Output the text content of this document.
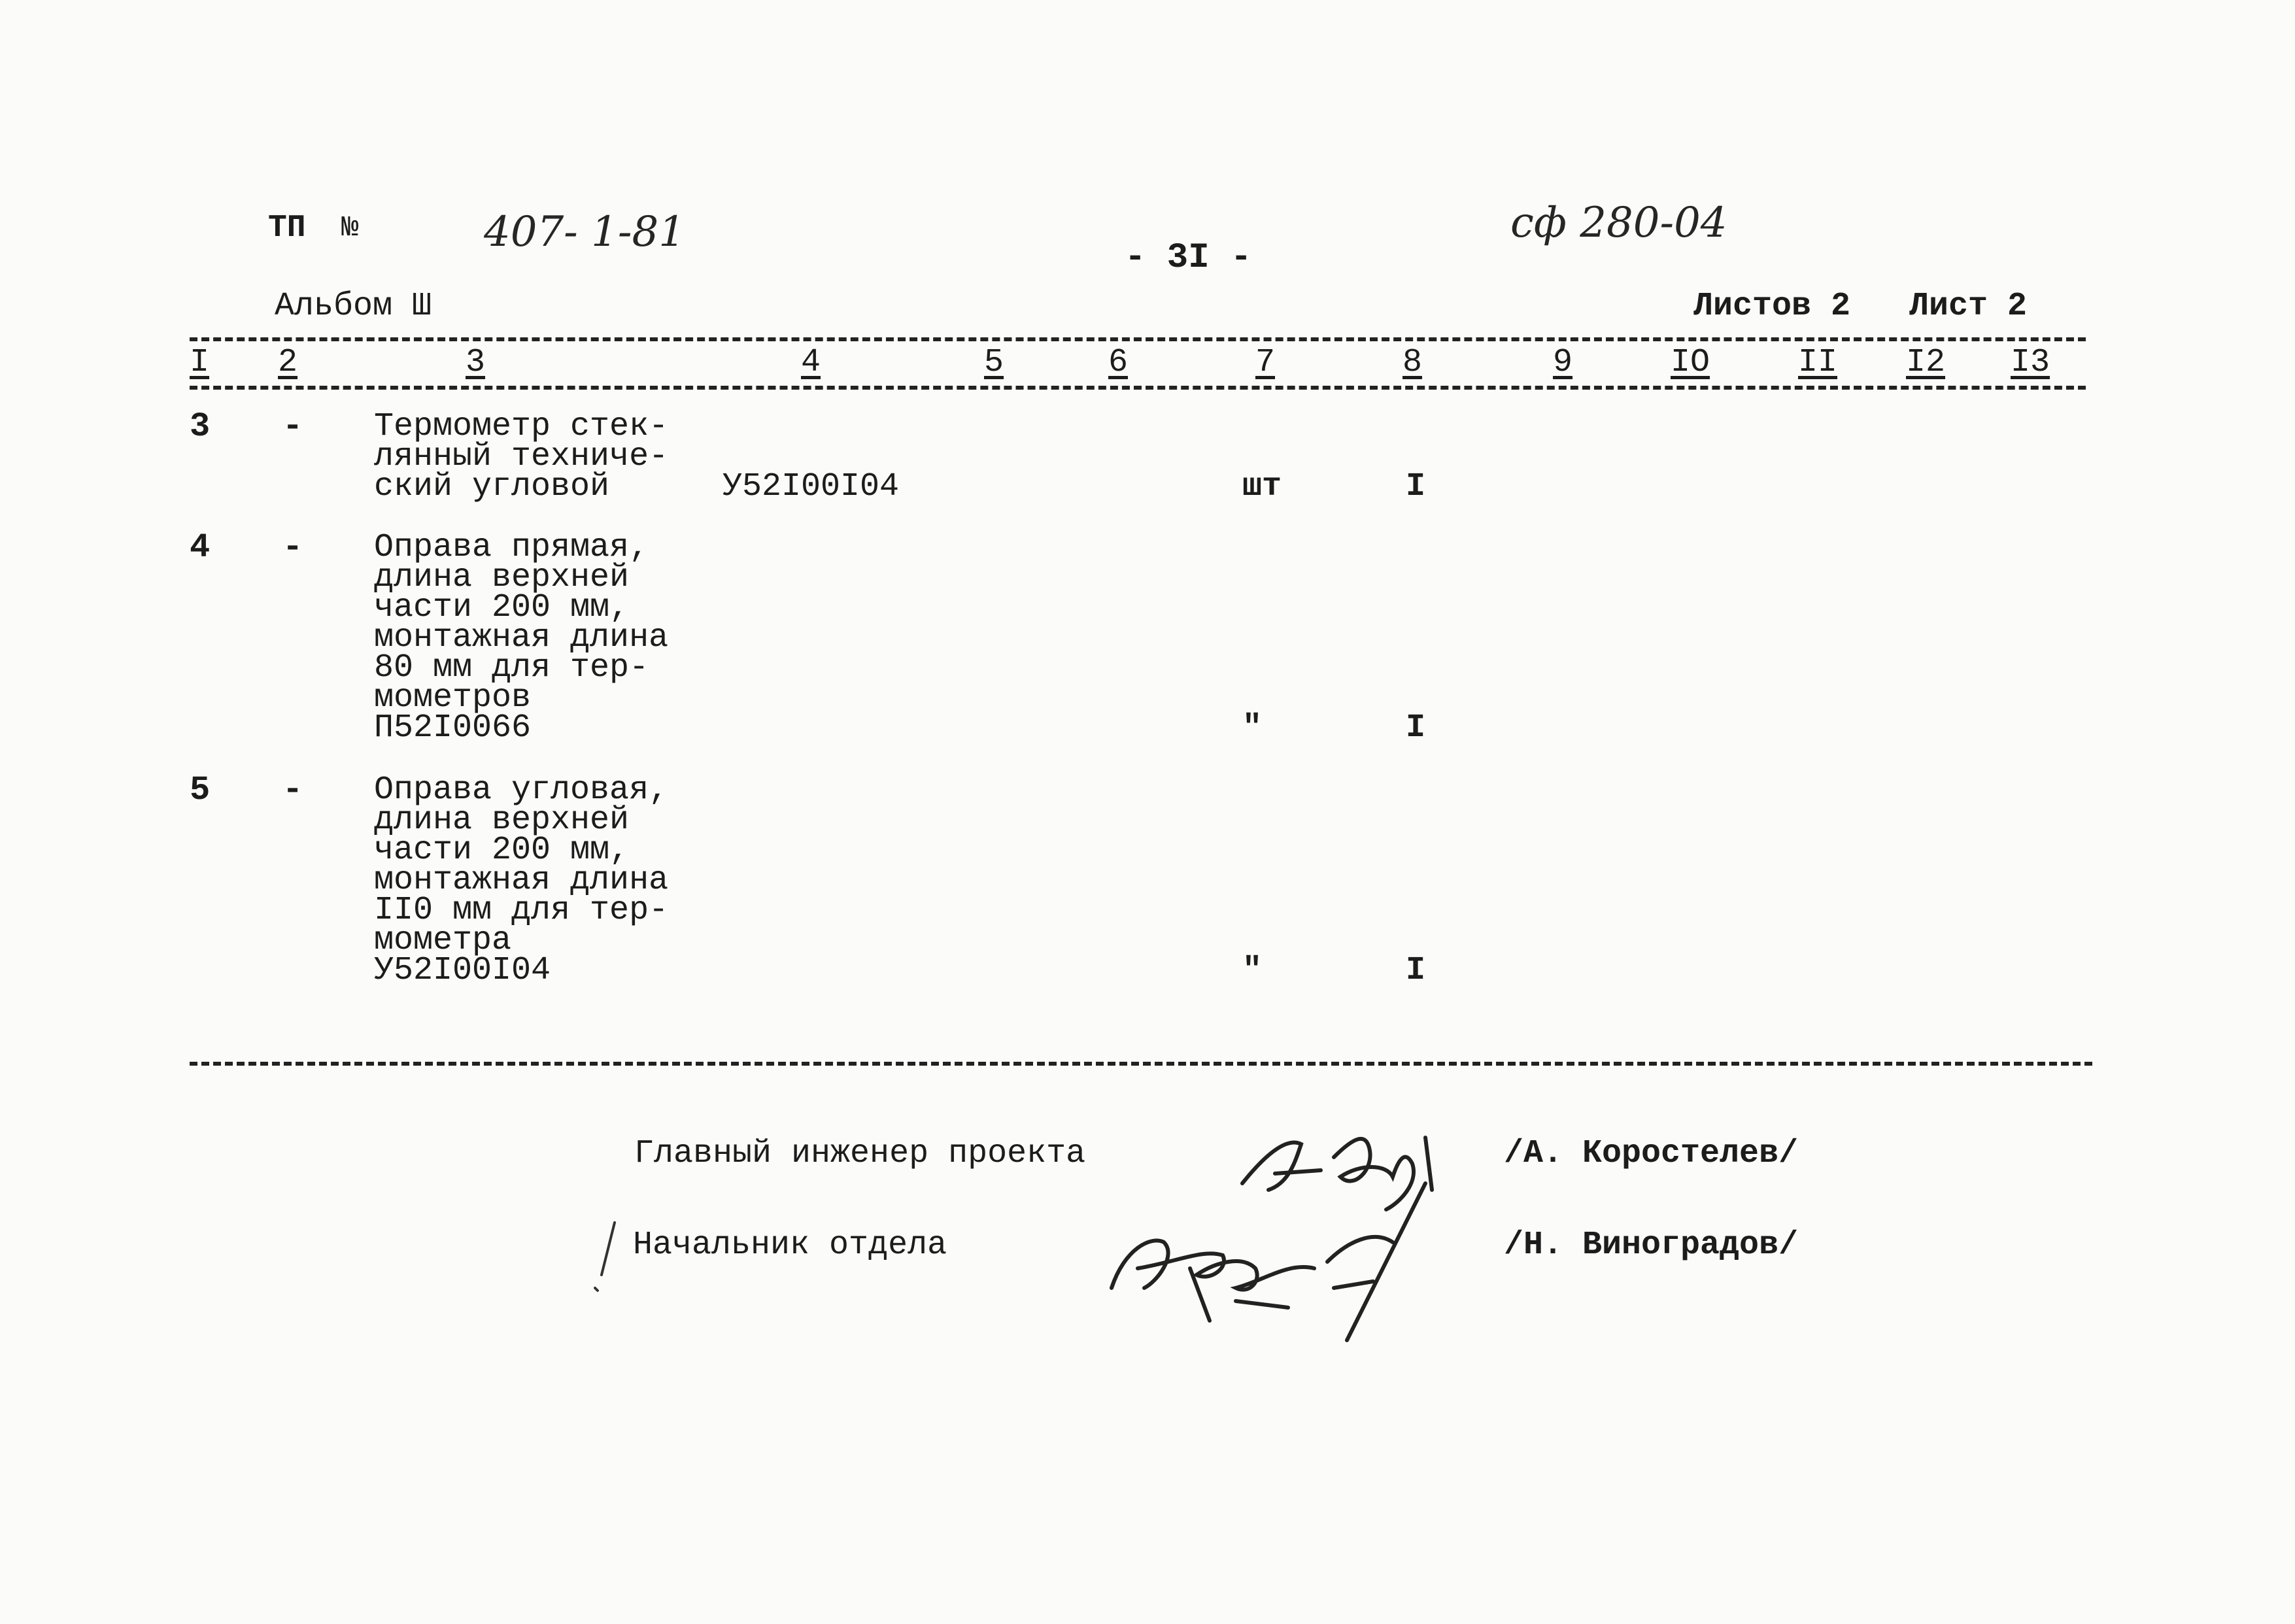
ТП №	407- 1-81
- 3I -
сф 280-04
Альбом Ш	Листов 2 Лист 2
I 2	3	4	5	6	7	8	9	IO	II I2 I3
3 - Термометр стек-
лянный техниче-
ский угловой	У52I00I04	шт	I
4 - Оправа прямая,
длина верхней
части 200 мм,
монтажная длина
80 мм для тер-
мометров
П52I0066	"	I
5 - Оправа угловая,
длина верхней
части 200 мм,
монтажная длина
II0 мм для тер-
мометра
У52I00I04	"	I
Главный инженер проекта	/А. Коростелев/
Начальник отдела	/Н. Виноградов/
